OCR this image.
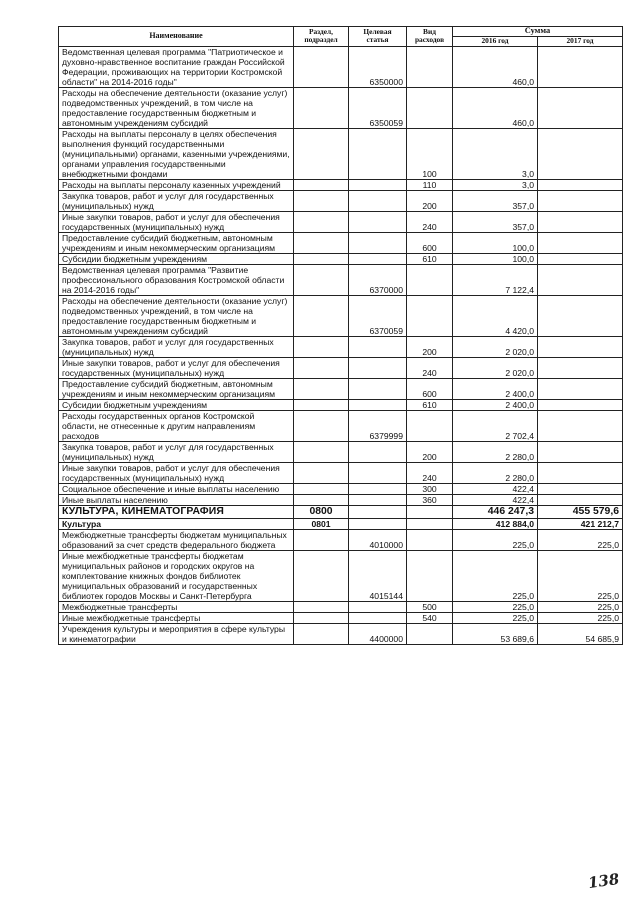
Наименование	Раздел, подраздел	Целевая статья	Вид расходов	Сумма	
				2016 год	2017 год
Ведомственная целевая программа "Патриотическое и духовно-нравственное воспитание граждан Российской Федерации, проживающих на территории Костромской области" на 2014-2016 годы"		6350000		460,0	
Расходы на обеспечение деятельности (оказание услуг) подведомственных учреждений, в том числе на предоставление государственным бюджетным и автономным учреждениям субсидий		6350059		460,0	
Расходы на выплаты персоналу в целях обеспечения выполнения функций государственными (муниципальными) органами, казенными учреждениями, органами управления государственными внебюджетными фондами			100	3,0	
Расходы на выплаты персоналу казенных учреждений			110	3,0	
Закупка товаров, работ и услуг для государственных (муниципальных) нужд			200	357,0	
Иные закупки товаров, работ и услуг для обеспечения государственных (муниципальных) нужд			240	357,0	
Предоставление субсидий бюджетным, автономным учреждениям и иным некоммерческим организациям			600	100,0	
Субсидии бюджетным учреждениям			610	100,0	
Ведомственная целевая программа "Развитие профессионального образования Костромской области на 2014-2016 годы"		6370000		7 122,4	
Расходы на обеспечение деятельности (оказание услуг) подведомственных учреждений, в том числе на предоставление государственным бюджетным и автономным учреждениям субсидий		6370059		4 420,0	
Закупка товаров, работ и услуг для государственных (муниципальных) нужд			200	2 020,0	
Иные закупки товаров, работ и услуг для обеспечения государственных (муниципальных) нужд			240	2 020,0	
Предоставление субсидий бюджетным, автономным учреждениям и иным некоммерческим организациям			600	2 400,0	
Субсидии бюджетным учреждениям			610	2 400,0	
Расходы государственных органов Костромской области, не отнесенные к другим направлениям расходов		6379999		2 702,4	
Закупка товаров, работ и услуг для государственных (муниципальных) нужд			200	2 280,0	
Иные закупки товаров, работ и услуг для обеспечения государственных (муниципальных) нужд			240	2 280,0	
Социальное обеспечение и иные выплаты населению			300	422,4	
Иные выплаты населению			360	422,4	
КУЛЬТУРА, КИНЕМАТОГРАФИЯ	0800			446 247,3	455 579,6
Культура	0801			412 884,0	421 212,7
Межбюджетные трансферты бюджетам муниципальных образований за счет средств федерального бюджета		4010000		225,0	225,0
Иные межбюджетные трансферты бюджетам муниципальных районов и городских округов на комплектование книжных фондов библиотек муниципальных образований и государственных библиотек городов Москвы и Санкт-Петербурга		4015144		225,0	225,0
Межбюджетные трансферты			500	225,0	225,0
Иные межбюджетные трансферты			540	225,0	225,0
Учреждения культуры и мероприятия в сфере культуры и кинематографии		4400000		53 689,6	54 685,9
138
